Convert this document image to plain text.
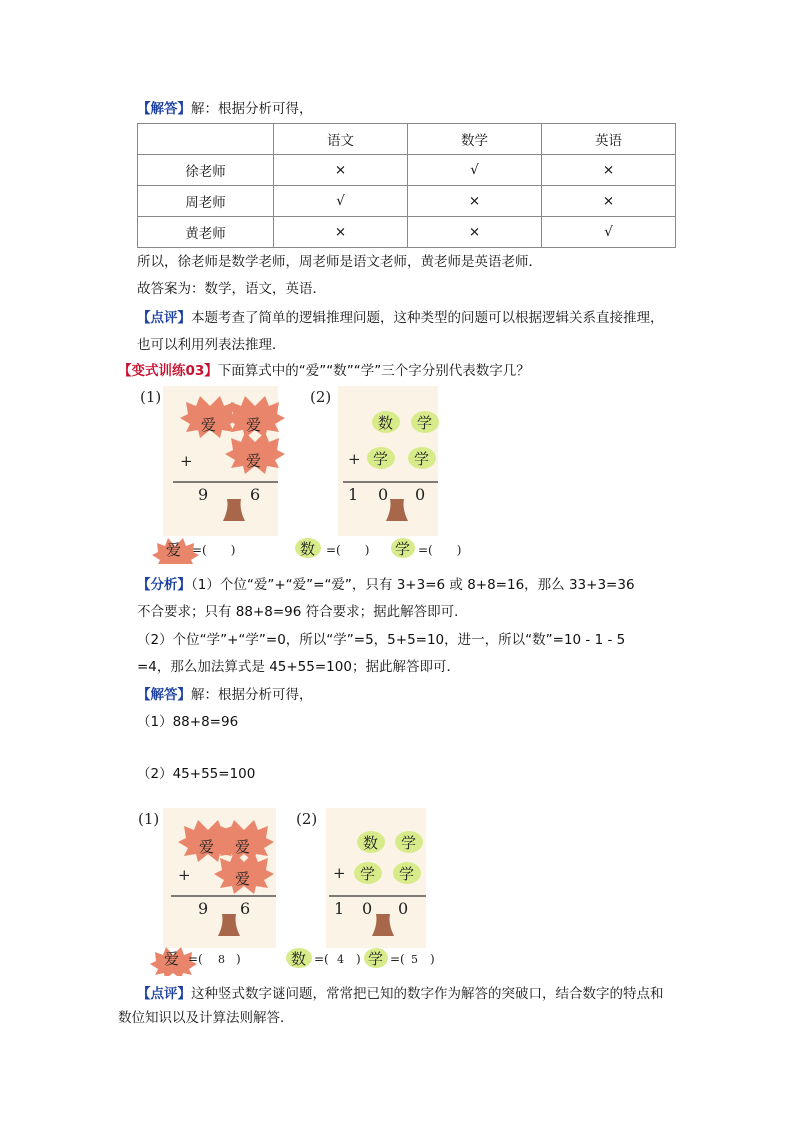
【解答】解：根据分析可得，
	语文	数学	英语
徐老师	×	√	×
周老师	√	×	×
黄老师	×	×	√
所以，徐老师是数学老师，周老师是语文老师，黄老师是英语老师．
故答案为：数学，语文，英语．
【点评】本题考查了简单的逻辑推理问题，这种类型的问题可以根据逻辑关系直接推理，
也可以利用列表法推理．
【变式训练03】下面算式中的“爱”“数”“学”三个字分别代表数字几？
(1)	(2)
爱 爱
+	爱
9	6
数 学
+ 学 学
1 0 0
爱 =(　　)	数 =(　　) 学 =(　　)
【分析】（1）个位“爱”+“爱”=“爱”，只有 3+3=6 或 8+8=16，那么 33+3=36
不合要求；只有 88+8=96 符合要求；据此解答即可．
（2）个位“学”+“学”=0，所以“学”=5，5+5=10，进一，所以“数”=10 - 1 - 5
=4，那么加法算式是 45+55=100；据此解答即可．
【解答】解：根据分析可得，
（1）88+8=96
（2）45+55=100
(1)	(2)
爱 爱
+	爱
9 6
数 学
+ 学 学
1 0 0
爱 =( 8 )	数 =( 4 ) 学 =( 5 )
【点评】这种竖式数字谜问题，常常把已知的数字作为解答的突破口，结合数字的特点和
数位知识以及计算法则解答．
